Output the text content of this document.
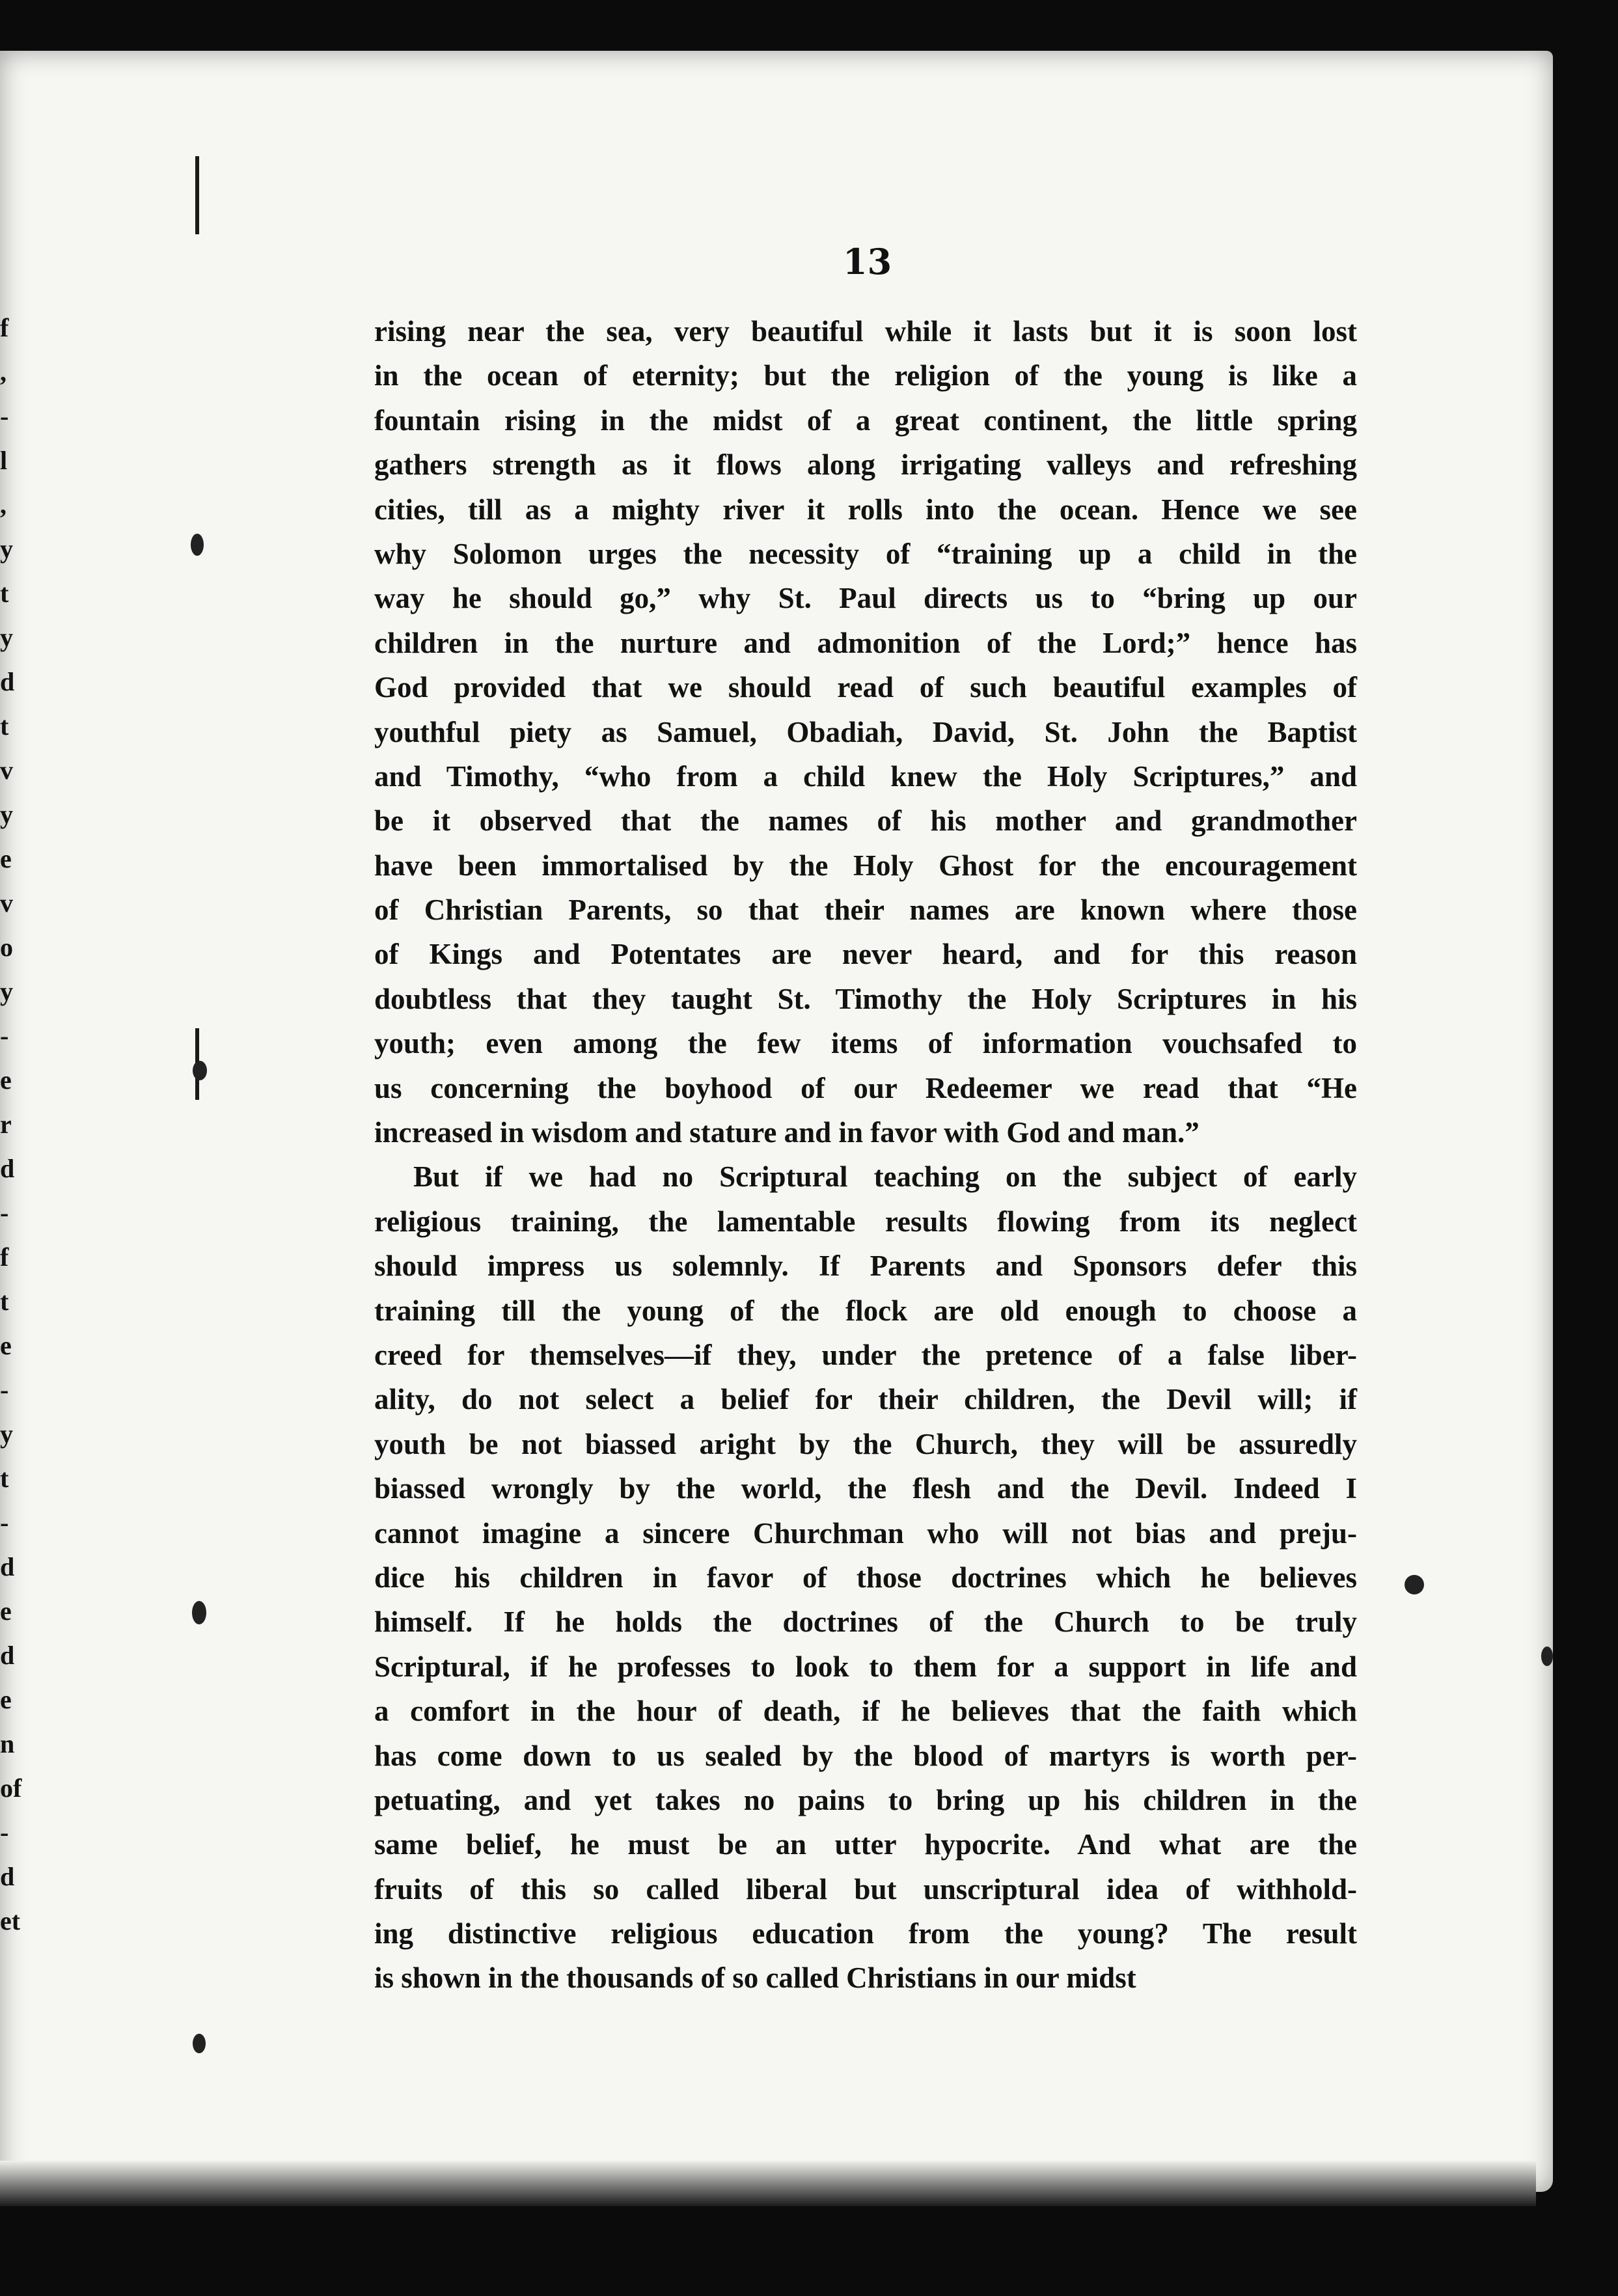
f
,
-
l
,
y
t
y
d
t
v
y
e
v
o
y
-
e
r
d
-
f
t
e
-
y
t
-
d
e
d
e
n
of
-
d
et
13
rising near the sea, very beautiful while it lasts but it is soon lost
in the ocean of eternity; but the religion of the young is like a
fountain rising in the midst of a great continent, the little spring
gathers strength as it flows along irrigating valleys and refreshing
cities, till as a mighty river it rolls into the ocean. Hence we see
why Solomon urges the necessity of “training up a child in the
way he should go,” why St. Paul directs us to “bring up our
children in the nurture and admonition of the Lord;” hence has
God provided that we should read of such beautiful examples of
youthful piety as Samuel, Obadiah, David, St. John the Baptist
and Timothy, “who from a child knew the Holy Scriptures,” and
be it observed that the names of his mother and grandmother
have been immortalised by the Holy Ghost for the encouragement
of Christian Parents, so that their names are known where those
of Kings and Potentates are never heard, and for this reason
doubtless that they taught St. Timothy the Holy Scriptures in his
youth; even among the few items of information vouchsafed to
us concerning the boyhood of our Redeemer we read that “He
increased in wisdom and stature and in favor with God and man.”
But if we had no Scriptural teaching on the subject of early
religious training, the lamentable results flowing from its neglect
should impress us solemnly. If Parents and Sponsors defer this
training till the young of the flock are old enough to choose a
creed for themselves—if they, under the pretence of a false liber-
ality, do not select a belief for their children, the Devil will; if
youth be not biassed aright by the Church, they will be assuredly
biassed wrongly by the world, the flesh and the Devil. Indeed I
cannot imagine a sincere Churchman who will not bias and preju-
dice his children in favor of those doctrines which he believes
himself. If he holds the doctrines of the Church to be truly
Scriptural, if he professes to look to them for a support in life and
a comfort in the hour of death, if he believes that the faith which
has come down to us sealed by the blood of martyrs is worth per-
petuating, and yet takes no pains to bring up his children in the
same belief, he must be an utter hypocrite. And what are the
fruits of this so called liberal but unscriptural idea of withhold-
ing distinctive religious education from the young? The result
is shown in the thousands of so called Christians in our midst
